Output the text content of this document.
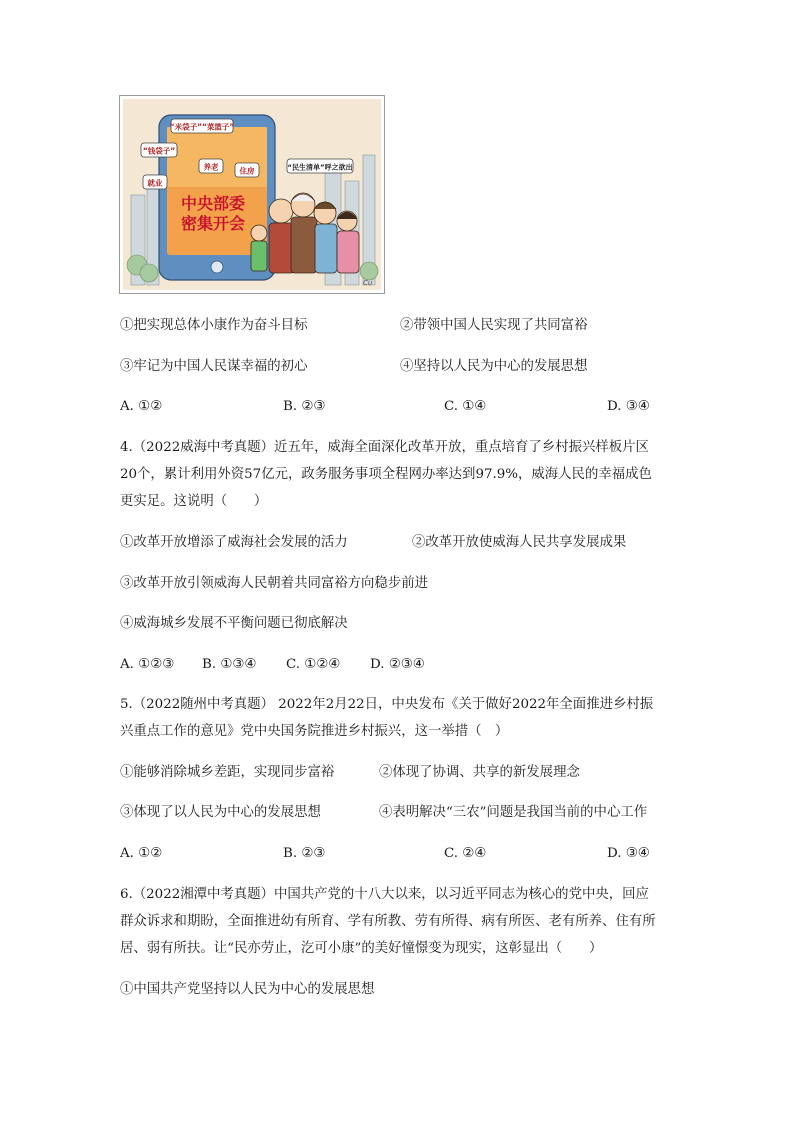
“米袋子”“菜篮子”
“钱袋子”
养老	住房
就业
“民生清单”呼之欲出
中央部委
密集开会
Cu
①把实现总体小康作为奋斗目标	②带领中国人民实现了共同富裕
③牢记为中国人民谋幸福的初心	④坚持以人民为中心的发展思想
A. ①②	B. ②③	C. ①④	D. ③④
4.（2022威海中考真题）近五年，威海全面深化改革开放，重点培育了乡村振兴样板片区
20个，累计利用外资57亿元，政务服务事项全程网办率达到97.9%，威海人民的幸福成色
更实足。这说明（　　）
①改革开放增添了威海社会发展的活力	②改革开放使威海人民共享发展成果
③改革开放引领威海人民朝着共同富裕方向稳步前进
④威海城乡发展不平衡问题已彻底解决
A. ①②③ B. ①③④ C. ①②④ D. ②③④
5.（2022随州中考真题） 2022年2月22日，中央发布《关于做好2022年全面推进乡村振
兴重点工作的意见》党中央国务院推进乡村振兴，这一举措（　）
①能够消除城乡差距，实现同步富裕	②体现了协调、共享的新发展理念
③体现了以人民为中心的发展思想	④表明解决“三农”问题是我国当前的中心工作
A. ①②	B. ②③	C. ②④	D. ③④
6.（2022湘潭中考真题）中国共产党的十八大以来，以习近平同志为核心的党中央，回应
群众诉求和期盼，全面推进幼有所育、学有所教、劳有所得、病有所医、老有所养、住有所
居、弱有所扶。让“民亦劳止，汔可小康”的美好憧憬变为现实，这彰显出（　　）
①中国共产党坚持以人民为中心的发展思想
